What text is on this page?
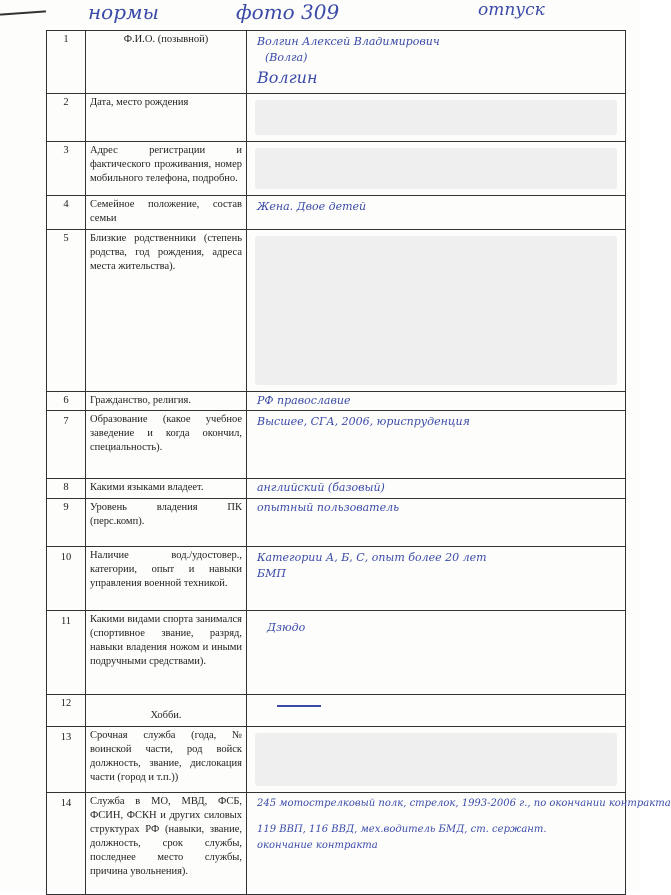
нормы	фото 309	отпуск
1	Ф.И.О. (позывной)	Волгин Алексей Владимирович
(Волга)
Волгин

2	Дата, место рождения	

3	Адрес регистрации и фактического проживания, номер мобильного телефона, подробно.	

4	Семейное положение, состав семьи	Жена. Двое детей

5	Близкие родственники (степень родства, год рождения, адреса места жительства).	

6	Гражданство, религия.	РФ православие

7	Образование (какое учебное заведение и когда окончил, специальность).	Высшее, СГА, 2006, юриспруденция

8	Какими языками владеет.	английский (базовый)

9	Уровень владения ПК (перс.комп).	опытный пользователь

10	Наличие вод./удостовер., категории, опыт и навыки управления военной техникой.	Категории А, Б, С, опыт более 20 лет
БМП

11	Какими видами спорта занимался (спортивное звание, разряд, навыки владения ножом и иными подручными средствами).	Дзюдо

12	Хобби.	

13	Срочная служба (года, № воинской части, род войск должность, звание, дислокация части (город и т.п.))	

14	Служба в МО, МВД, ФСБ, ФСИН, ФСКН и других силовых структурах РФ (навыки, звание, должность, срок службы, последнее место службы, причина увольнения).	245 мотострелковый полк, стрелок, 1993-2006 г., по окончании контракта
119 ВВП, 116 ВВД, мех.водитель БМД, ст. сержант.
окончание контракта
